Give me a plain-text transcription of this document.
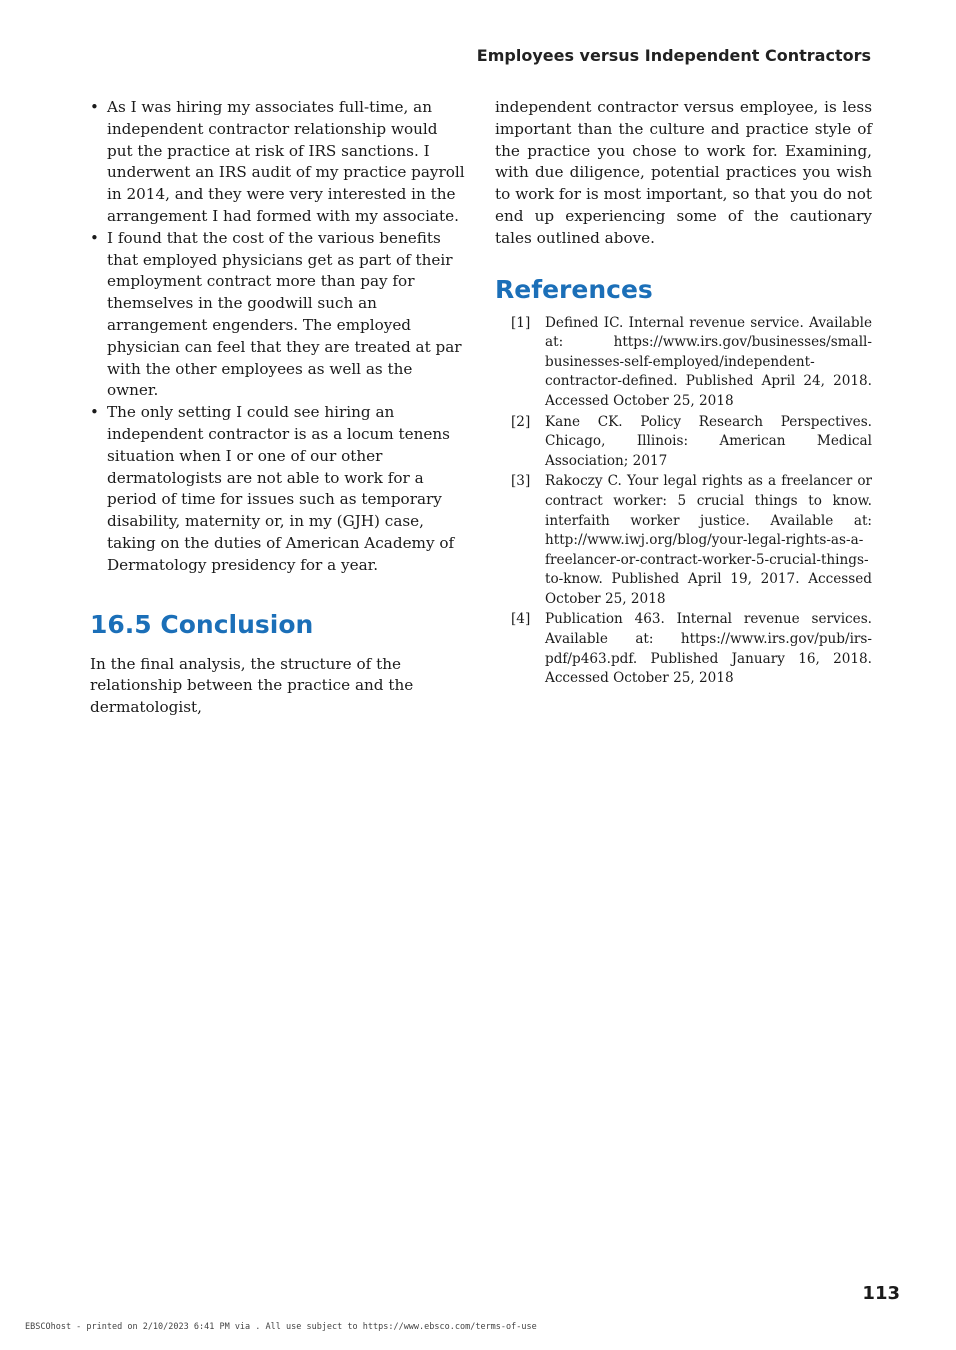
Employees versus Independent Contractors
• As I was hiring my associates full-time, an independent contractor relationship would put the practice at risk of IRS sanctions. I underwent an IRS audit of my practice payroll in 2014, and they were very interested in the arrangement I had formed with my associate.
• I found that the cost of the various benefits that employed physicians get as part of their employment contract more than pay for themselves in the goodwill such an arrangement engenders. The employed physician can feel that they are treated at par with the other employees as well as the owner.
• The only setting I could see hiring an independent contractor is as a locum tenens situation when I or one of our other dermatologists are not able to work for a period of time for issues such as temporary disability, maternity or, in my (GJH) case, taking on the duties of American Academy of Dermatology presidency for a year.
16.5 Conclusion

In the final analysis, the structure of the relationship between the practice and the dermatologist,

independent contractor versus employee, is less important than the culture and practice style of the practice you chose to work for. Examining, with due diligence, potential practices you wish to work for is most important, so that you do not end up experiencing some of the cautionary tales outlined above.

References
[1] Defined IC. Internal revenue service. Available at: https://www.irs.gov/businesses/small-businesses-self-employed/independent-contractor-defined. Published April 24, 2018. Accessed October 25, 2018
[2] Kane CK. Policy Research Perspectives. Chicago, Illinois: American Medical Association; 2017
[3] Rakoczy C. Your legal rights as a freelancer or contract worker: 5 crucial things to know. interfaith worker justice. Available at: http://www.iwj.org/blog/your-legal-rights-as-a-freelancer-or-contract-worker-5-crucial-things-to-know. Published April 19, 2017. Accessed October 25, 2018
[4] Publication 463. Internal revenue services. Available at: https://www.irs.gov/pub/irs-pdf/p463.pdf. Published January 16, 2018. Accessed October 25, 2018
113
EBSCOhost - printed on 2/10/2023 6:41 PM via . All use subject to https://www.ebsco.com/terms-of-use
